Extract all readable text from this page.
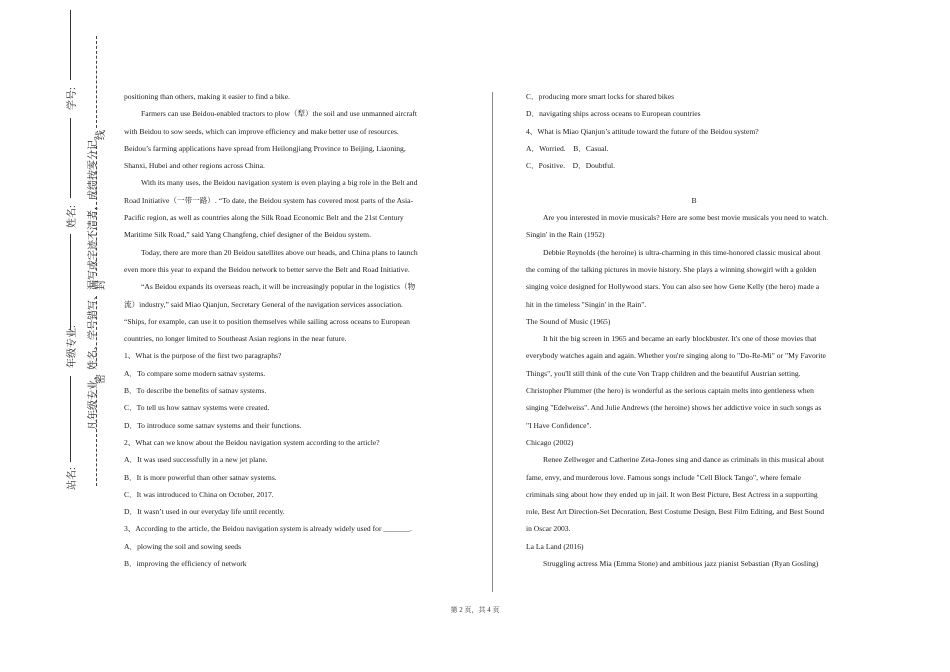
学号:
姓名:
年级专业:
站名:
凡年级专业、姓名、学号错写、漏写或字迹不清者，成绩按零分记。
线
封
密

positioning than others, making it easier to find a bike.

Farmers can use Beidou-enabled tractors to plow（犁）the soil and use unmanned aircraft

with Beidou to sow seeds, which can improve efficiency and make better use of resources.

Beidou’s farming applications have spread from Heilongjiang Province to Beijing, Liaoning,

Shanxi, Hubei and other regions across China.

With its many uses, the Beidou navigation system is even playing a big role in the Belt and

Road Initiative（一带一路）. “To date, the Beidou system has covered most parts of the Asia-

Pacific region, as well as countries along the Silk Road Economic Belt and the 21st Century

Maritime Silk Road,” said Yang Changfeng, chief designer of the Beidou system.

Today, there are more than 20 Beidou satellites above our heads, and China plans to launch

even more this year to expand the Beidou network to better serve the Belt and Road Initiative.

“As Beidou expands its overseas reach, it will be increasingly popular in the logistics（物

流）industry,” said Miao Qianjun, Secretary General of the navigation services association.

“Ships, for example, can use it to position themselves while sailing across oceans to European

countries, no longer limited to Southeast Asian regions in the near future.

1、What is the purpose of the first two paragraphs?

A．To compare some modern satnav systems.

B．To describe the benefits of satnav systems.

C．To tell us how satnav systems were created.

D．To introduce some satnav systems and their functions.

2、What can we know about the Beidou navigation system according to the article?

A．It was used successfully in a new jet plane.

B．It is more powerful than other satnav systems.

C．It was introduced to China on October, 2017.

D．It wasn’t used in our everyday life until recently.

3、According to the article, the Beidou navigation system is already widely used for _______.

A．plowing the soil and sowing seeds

B．improving the efficiency of network

C．producing more smart locks for shared bikes

D．navigating ships across oceans to European countries

4、What is Miao Qianjun’s attitude toward the future of the Beidou system?

A．Worried.    B．Casual.

C．Positive.    D．Doubtful.

B

Are you interested in movie musicals? Here are some best movie musicals you need to watch.

Singin' in the Rain (1952)

Debbie Reynolds (the heroine) is ultra-charming in this time-honored classic musical about

the coming of the talking pictures in movie history. She plays a winning showgirl with a golden

singing voice designed for Hollywood stars. You can also see how Gene Kelly (the hero) made a

hit in the timeless "Singin' in the Rain".

The Sound of Music (1965)

It hit the big screen in 1965 and became an early blockbuster. It's one of those movies that

everybody watches again and again. Whether you're singing along to "Do-Re-Mi" or "My Favorite

Things", you'll still think of the cute Von Trapp children and the beautiful Austrian setting.

Christopher Plummer (the hero) is wonderful as the serious captain melts into gentleness when

singing "Edelweiss". And Julie Andrews (the heroine) shows her addictive voice in such songs as

"I Have Confidence".

Chicago (2002)

Renee Zellweger and Catherine Zeta-Jones sing and dance as criminals in this musical about

fame, envy, and murderous love. Famous songs include "Cell Block Tango", where female

criminals sing about how they ended up in jail. It won Best Picture, Best Actress in a supporting

role, Best Art Direction-Set Decoration, Best Costume Design, Best Film Editing, and Best Sound

in Oscar 2003.

La La Land (2016)

Struggling actress Mia (Emma Stone) and ambitious jazz pianist Sebastian (Ryan Gosling)

第 2 页，共 4 页
